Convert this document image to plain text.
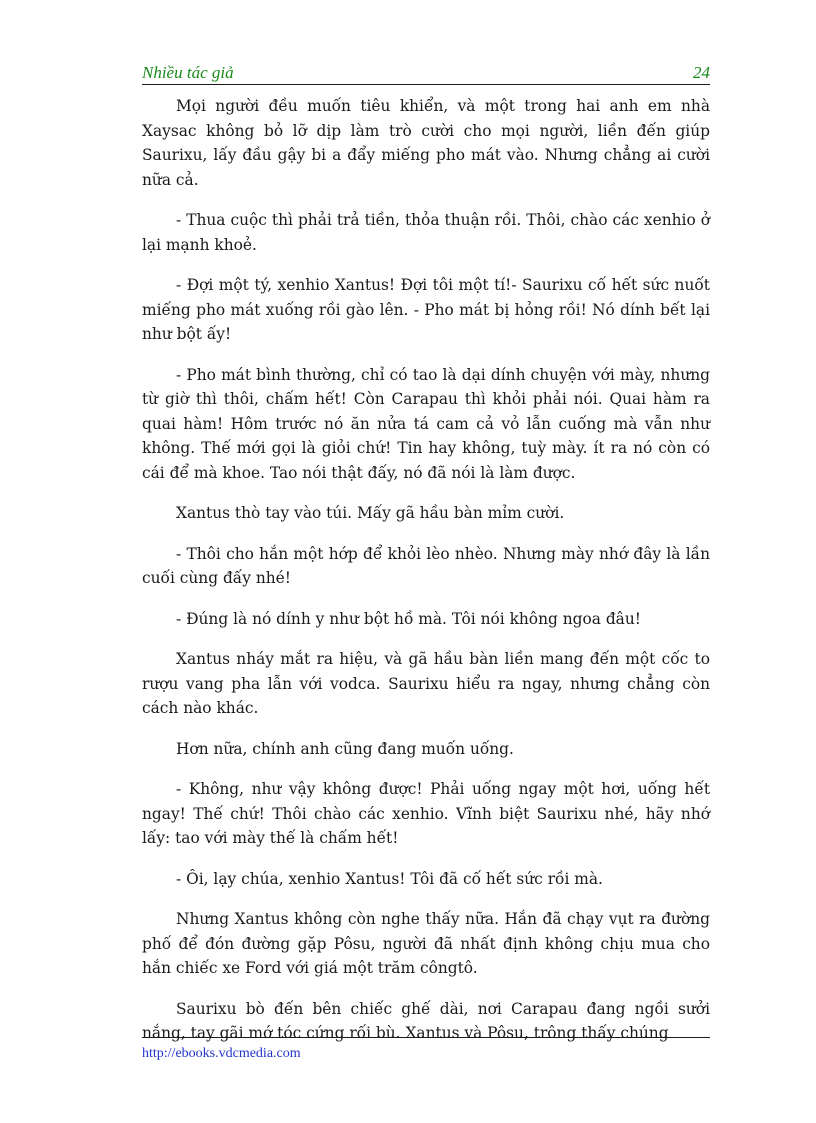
Nhiều tác giả	24

Mọi người đều muốn tiêu khiển, và một trong hai anh em nhà Xaysac không bỏ lỡ dịp làm trò cười cho mọi người, liền đến giúp Saurixu, lấy đầu gậy bi a đẩy miếng pho mát vào. Nhưng chẳng ai cười nữa cả.

- Thua cuộc thì phải trả tiền, thỏa thuận rồi. Thôi, chào các xenhio ở lại mạnh khoẻ.

- Đợi một tý, xenhio Xantus! Đợi tôi một tí!- Saurixu cố hết sức nuốt miếng pho mát xuống rồi gào lên. - Pho mát bị hỏng rồi! Nó dính bết lại như bột ấy!

- Pho mát bình thường, chỉ có tao là dại dính chuyện với mày, nhưng từ giờ thì thôi, chấm hết! Còn Carapau thì khỏi phải nói. Quai hàm ra quai hàm! Hôm trước nó ăn nửa tá cam cả vỏ lẫn cuống mà vẫn như không. Thế mới gọi là giỏi chứ! Tin hay không, tuỳ mày. ít ra nó còn có cái để mà khoe. Tao nói thật đấy, nó đã nói là làm được.

Xantus thò tay vào túi. Mấy gã hầu bàn mỉm cười.

- Thôi cho hắn một hớp để khỏi lèo nhèo. Nhưng mày nhớ đây là lần cuối cùng đấy nhé!

- Đúng là nó dính y như bột hồ mà. Tôi nói không ngoa đâu!

Xantus nháy mắt ra hiệu, và gã hầu bàn liền mang đến một cốc to rượu vang pha lẫn với vodca. Saurixu hiểu ra ngay, nhưng chẳng còn cách nào khác.

Hơn nữa, chính anh cũng đang muốn uống.

- Không, như vậy không được! Phải uống ngay một hơi, uống hết ngay! Thế chứ! Thôi chào các xenhio. Vĩnh biệt Saurixu nhé, hãy nhớ lấy: tao với mày thế là chấm hết!

- Ôi, lạy chúa, xenhio Xantus! Tôi đã cố hết sức rồi mà.

Nhưng Xantus không còn nghe thấy nữa. Hắn đã chạy vụt ra đường phố để đón đường gặp Pôsu, người đã nhất định không chịu mua cho hắn chiếc xe Ford với giá một trăm côngtô.

Saurixu bò đến bên chiếc ghế dài, nơi Carapau đang ngồi sưởi nắng, tay gãi mớ tóc cứng rối bù. Xantus và Pôsu, trông thấy chúng

http://ebooks.vdcmedia.com
